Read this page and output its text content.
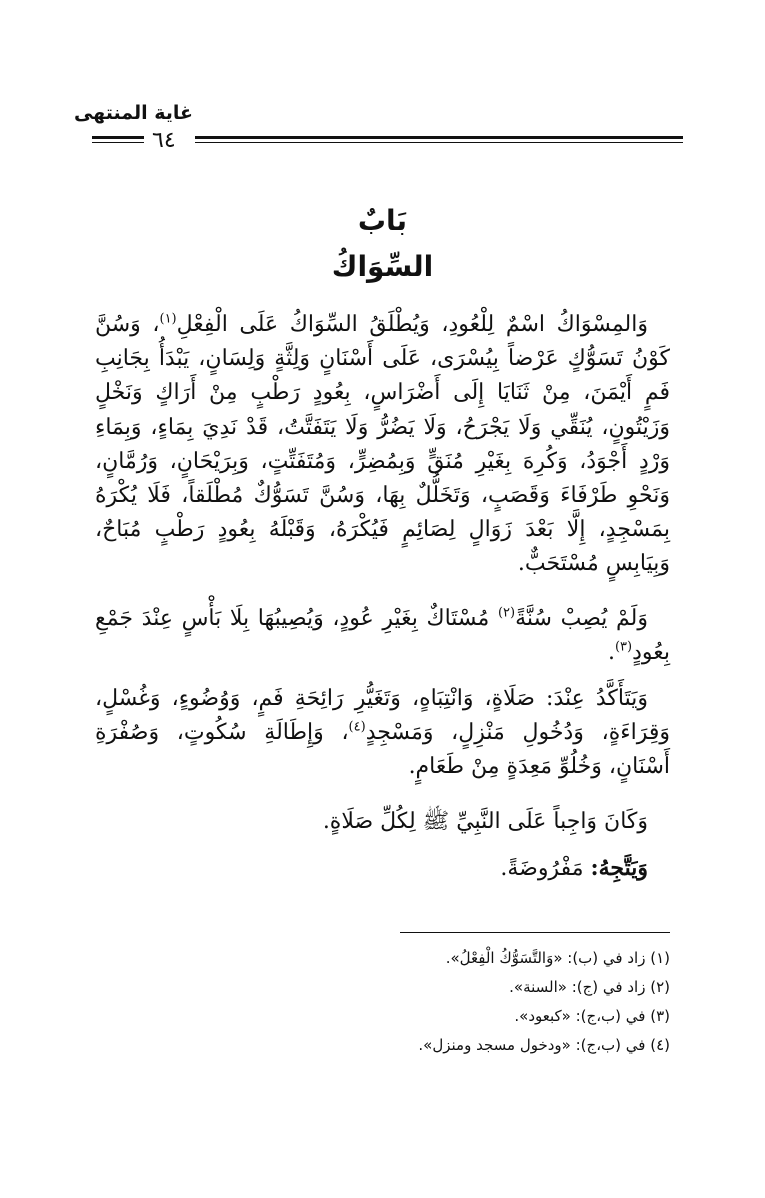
غاية المنتهى
٦٤
بَابٌ
السِّوَاكُ

وَالمِسْوَاكُ اسْمٌ لِلْعُودِ، وَيُطْلَقُ السِّوَاكُ عَلَى الْفِعْلِ$^{(١)}$، وَسُنَّ كَوْنُ تَسَوُّكٍ عَرْضاً بِيُسْرَى، عَلَى أَسْنَانٍ وَلِثَّةٍ وَلِسَانٍ، يَبْدَأُ بِجَانِبِ فَمٍ أَيْمَنَ، مِنْ ثَنَايَا إِلَى أَضْرَاسٍ، بِعُودٍ رَطْبٍ مِنْ أَرَاكٍ وَنَخْلٍ وَزَيْتُونٍ، يُنَقِّي وَلَا يَجْرَحُ، وَلَا يَضُرُّ وَلَا يَتَفَتَّتُ، قَدْ نَدِيَ بِمَاءٍ، وَبِمَاءِ وَرْدٍ أَجْوَدُ، وَكُرِهَ بِغَيْرِ مُنَقٍّ وَبِمُضِرٍّ، وَمُتَفَتِّتٍ، وَبِرَيْحَانٍ، وَرُمَّانٍ، وَنَحْوِ طَرْفَاءَ وَقَصَبٍ، وَتَخَلُّلٌ بِهَا، وَسُنَّ تَسَوُّكٌ مُطْلَقاً، فَلَا يُكْرَهُ بِمَسْجِدٍ، إِلَّا بَعْدَ زَوَالٍ لِصَائِمٍ فَيُكْرَهُ، وَقَبْلَهُ بِعُودٍ رَطْبٍ مُبَاحٌ، وَبِيَابِسٍ مُسْتَحَبٌّ.

وَلَمْ يُصِبْ سُنَّةً$^{(٢)}$ مُسْتَاكٌ بِغَيْرِ عُودٍ، وَيُصِيبُهَا بِلَا بَأْسٍ عِنْدَ جَمْعِ بِعُودٍ$^{(٣)}$.

وَيَتَأَكَّدُ عِنْدَ: صَلَاةٍ، وَانْتِبَاهٍ، وَتَغَيُّرِ رَائِحَةِ فَمٍ، وَوُضُوءٍ، وَغُسْلٍ، وَقِرَاءَةٍ، وَدُخُولِ مَنْزِلٍ، وَمَسْجِدٍ$^{(٤)}$، وَإِطَالَةِ سُكُوتٍ، وَصُفْرَةِ أَسْنَانٍ، وَخُلُوِّ مَعِدَةٍ مِنْ طَعَامٍ.

وَكَانَ وَاجِباً عَلَى النَّبِيِّ ﷺ لِكُلِّ صَلَاةٍ.

وَيَتَّجِهُ: مَفْرُوضَةً.

(١) زاد في (ب): «وَالتَّسَوُّكُ الْفِعْلُ».
(٢) زاد في (ج): «السنة».
(٣) في (ب،ج): «كبعود».
(٤) في (ب،ج): «ودخول مسجد ومنزل».
